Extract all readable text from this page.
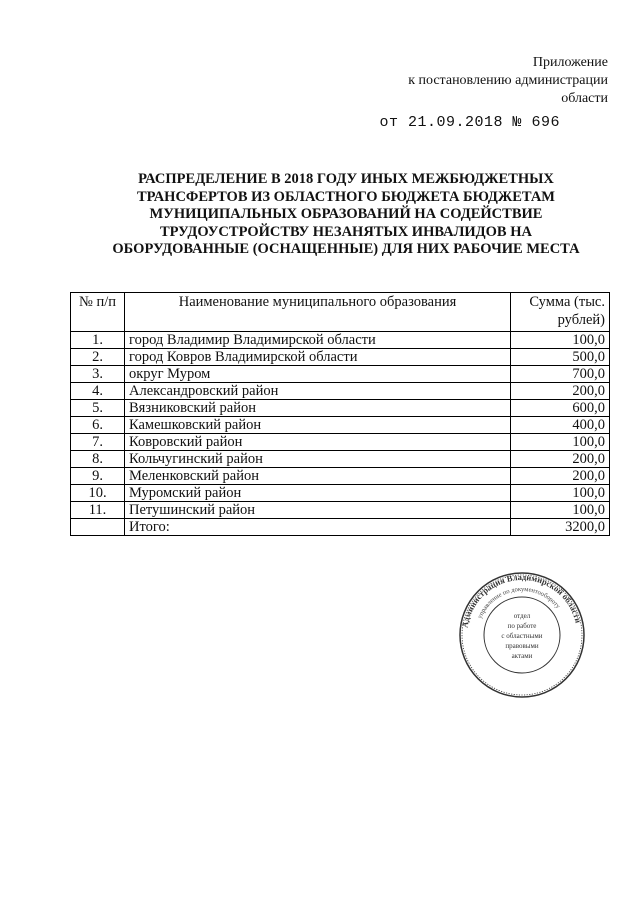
Приложение
к постановлению администрации
области
от 21.09.2018 № 696
РАСПРЕДЕЛЕНИЕ В 2018 ГОДУ ИНЫХ МЕЖБЮДЖЕТНЫХ
ТРАНСФЕРТОВ ИЗ ОБЛАСТНОГО БЮДЖЕТА БЮДЖЕТАМ
МУНИЦИПАЛЬНЫХ ОБРАЗОВАНИЙ НА СОДЕЙСТВИЕ
ТРУДОУСТРОЙСТВУ НЕЗАНЯТЫХ ИНВАЛИДОВ НА
ОБОРУДОВАННЫЕ (ОСНАЩЕННЫЕ) ДЛЯ НИХ РАБОЧИЕ МЕСТА
№ п/п	Наименование муниципального образования	Сумма (тыс.
рублей)

1.	город Владимир Владимирской области	100,0
2.	город Ковров Владимирской области	500,0
3.	округ Муром	700,0
4.	Александровский район	200,0
5.	Вязниковский район	600,0
6.	Камешковский район	400,0
7.	Ковровский район	100,0
8.	Кольчугинский район	200,0
9.	Меленковский район	200,0
10.	Муромский район	100,0
11.	Петушинский район	100,0
	Итого:	3200,0
Администрация Владимирской области
управление по документообороту
отдел
по работе
с областными
правовыми
актами
